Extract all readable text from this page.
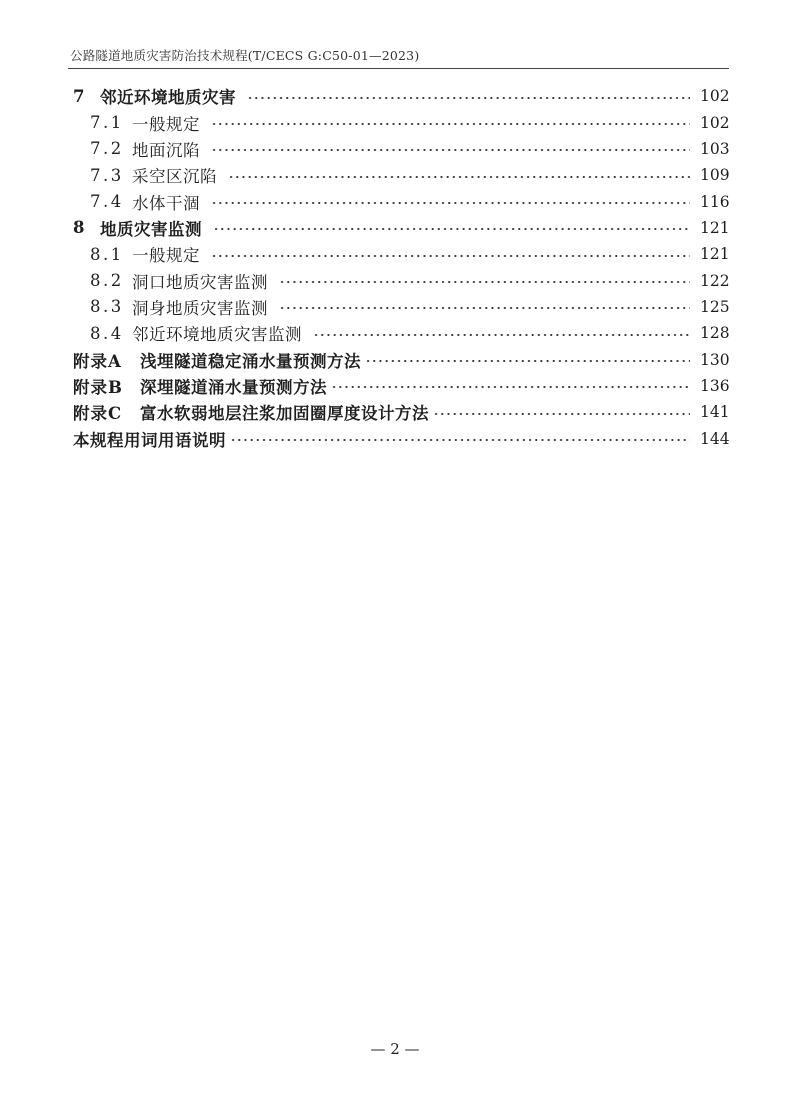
公路隧道地质灾害防治技术规程(T/CECS G:C50-01—2023)
7 邻近环境地质灾害	102
7.1 一般规定	102
7.2 地面沉陷	103
7.3 采空区沉陷	109
7.4 水体干涸	116
8 地质灾害监测	121
8.1 一般规定	121
8.2 洞口地质灾害监测	122
8.3 洞身地质灾害监测	125
8.4 邻近环境地质灾害监测	128
附录A	浅埋隧道稳定涌水量预测方法	130
附录B	深埋隧道涌水量预测方法	136
附录C	富水软弱地层注浆加固圈厚度设计方法	141
本规程用词用语说明	144
— 2 —
